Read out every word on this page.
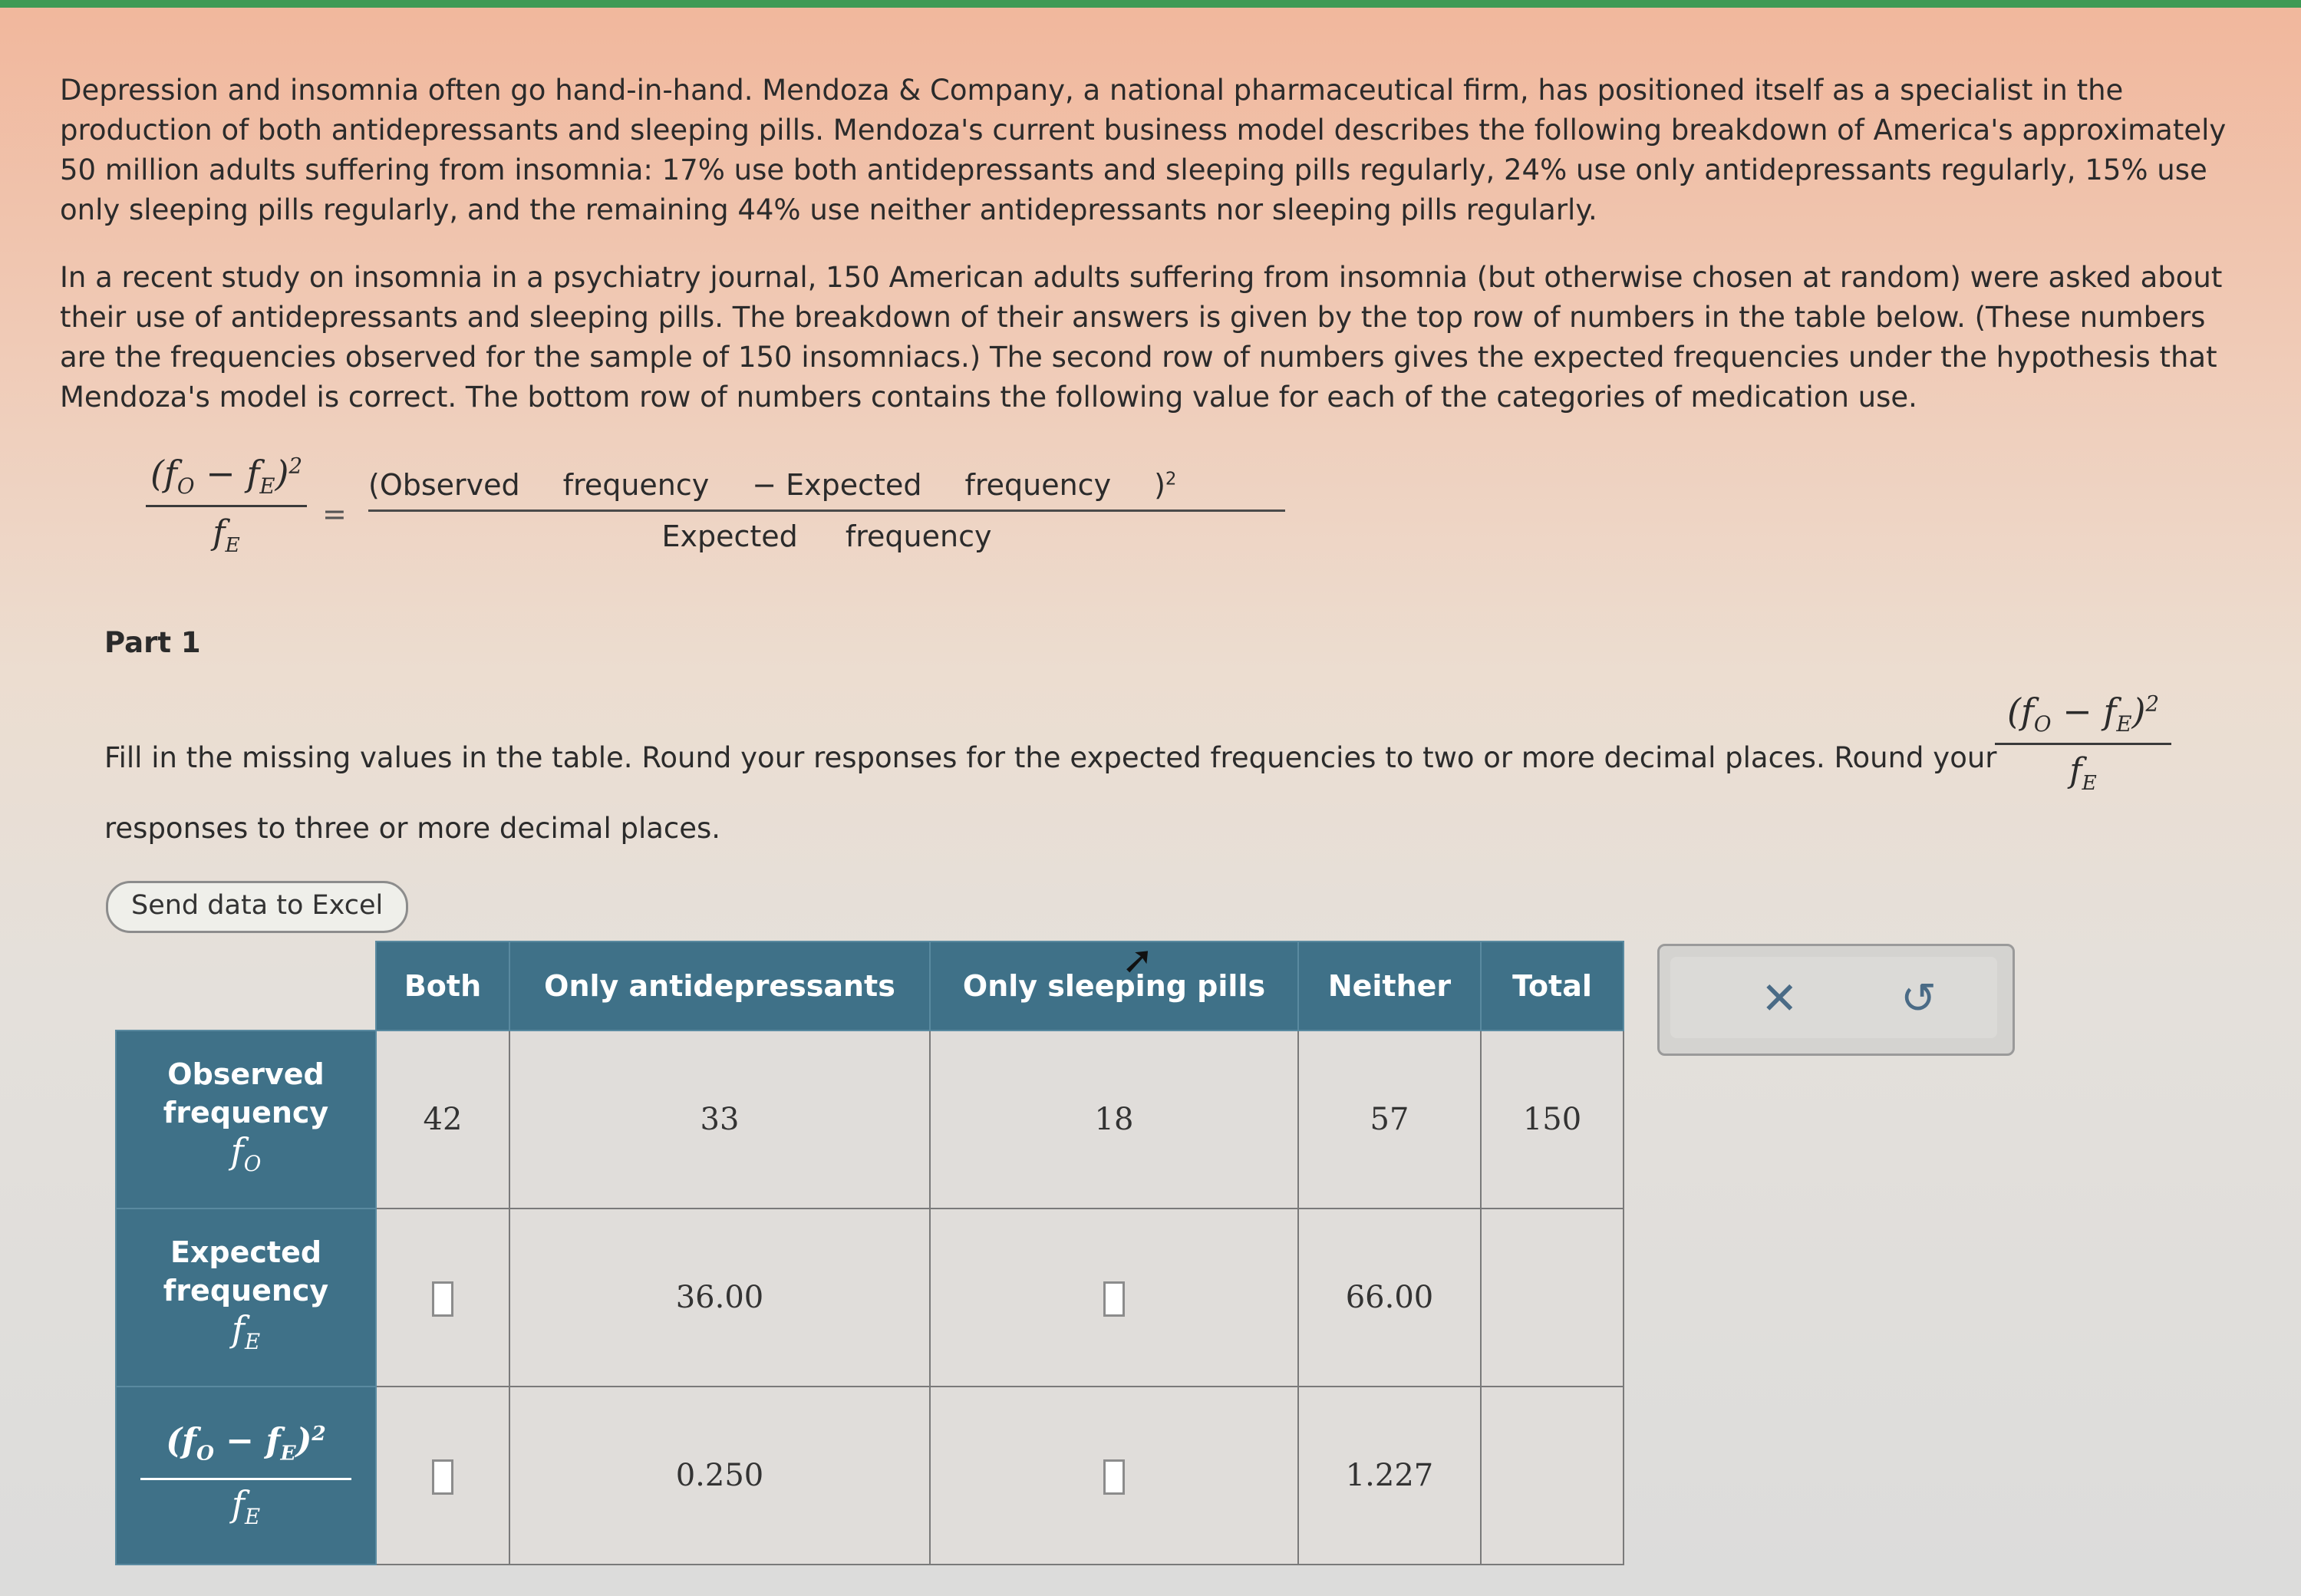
Depression and insomnia often go hand-in-hand. Mendoza & Company, a national pharmaceutical firm, has positioned itself as a specialist in the production of both antidepressants and sleeping pills. Mendoza's current business model describes the following breakdown of America's approximately 50 million adults suffering from insomnia: 17% use both antidepressants and sleeping pills regularly, 24% use only antidepressants regularly, 15% use only sleeping pills regularly, and the remaining 44% use neither antidepressants nor sleeping pills regularly.

In a recent study on insomnia in a psychiatry journal, 150 American adults suffering from insomnia (but otherwise chosen at random) were asked about their use of antidepressants and sleeping pills. The breakdown of their answers is given by the top row of numbers in the table below. (These numbers are the frequencies observed for the sample of 150 insomniacs.) The second row of numbers gives the expected frequencies under the hypothesis that Mendoza's model is correct. The bottom row of numbers contains the following value for each of the categories of medication use.

$(f_O - f_E)^2$
$f_E$
=
(Observed frequency − Expected frequency )$^2$
Expected frequency
Part 1
Fill in the missing values in the table. Round your responses for the expected frequencies to two or more decimal places. Round your
$(f_O - f_E)^2$
$f_E$
responses to three or more decimal places.
Send data to Excel
	Both	Only antidepressants	Only sleeping pills	Neither	Total

Observed
frequency
$f_O$	42	33	18	57	150

Expected
frequency
$f_E$		36.00		66.00	

$(f_O - f_E)^2$
$f_E$		0.250		1.227	
✕ ↺
➚
